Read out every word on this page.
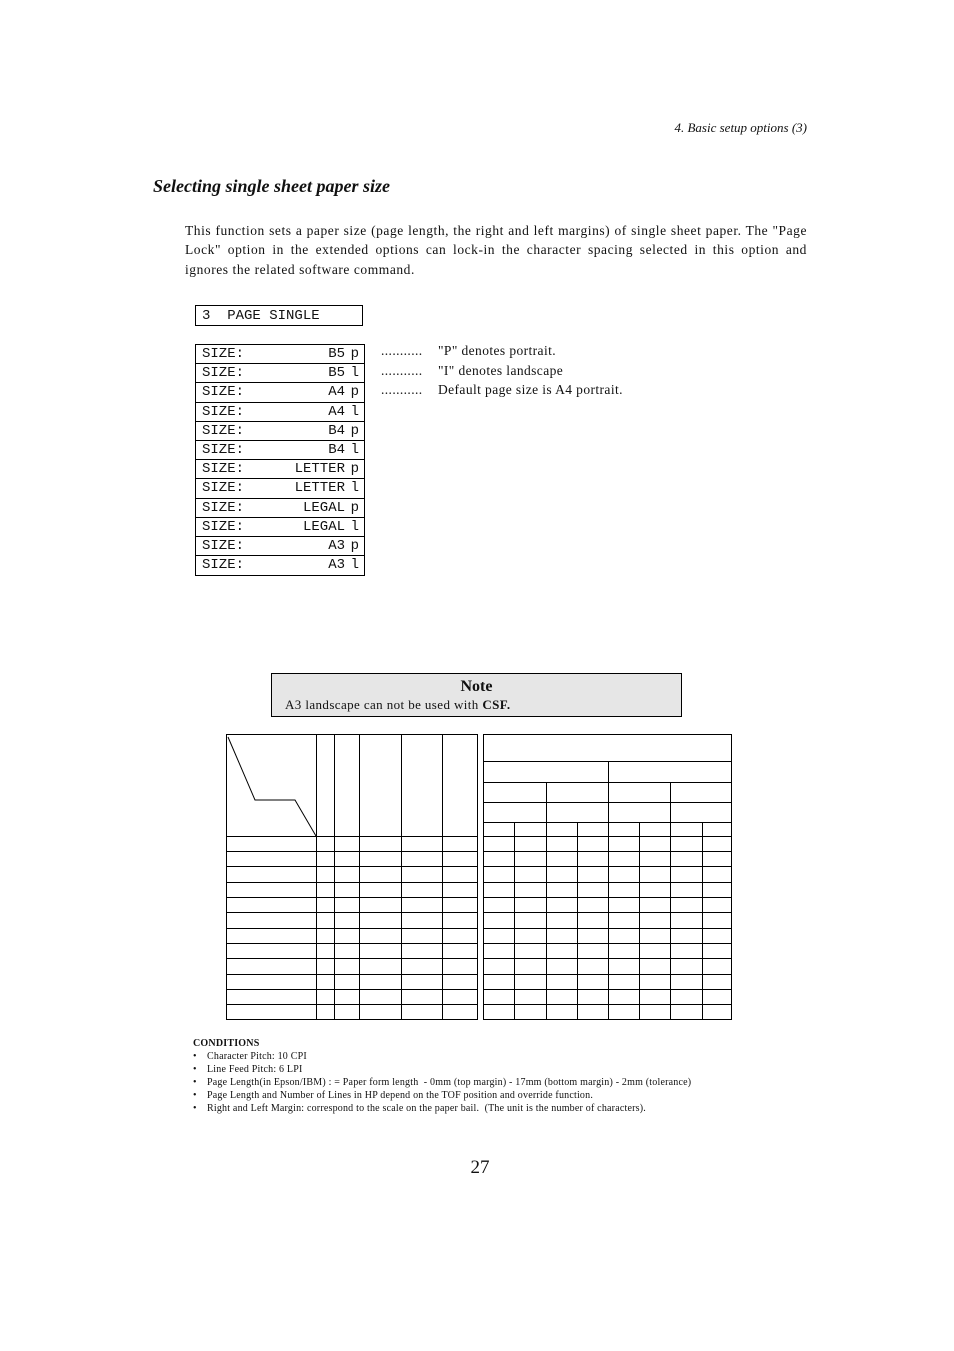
4. Basic setup options (3)
Selecting single sheet paper size

This function sets a paper size (page length, the right and left margins) of single sheet paper. The "Page Lock" option in the extended options can lock-in the character spacing selected in this option and ignores the related software command.

3  PAGE SINGLE
SIZE:	B5 p
SIZE:	B5 l
SIZE:	A4 p
SIZE:	A4 l
SIZE:	B4 p
SIZE:	B4 l
SIZE:	LETTER p
SIZE:	LETTER l
SIZE:	LEGAL p
SIZE:	LEGAL l
SIZE:	A3 p
SIZE:	A3 l
........... "P" denotes portrait.
........... "I" denotes landscape
........... Default page size is A4 portrait.
Note
A3 landscape can not be used with CSF.
CONDITIONS
• Character Pitch: 10 CPI
• Line Feed Pitch: 6 LPI
• Page Length(in Epson/IBM) : = Paper form length  - 0mm (top margin) - 17mm (bottom margin) - 2mm (tolerance)
• Page Length and Number of Lines in HP depend on the TOF position and override function.
• Right and Left Margin: correspond to the scale on the paper bail.  (The unit is the number of characters).
27
